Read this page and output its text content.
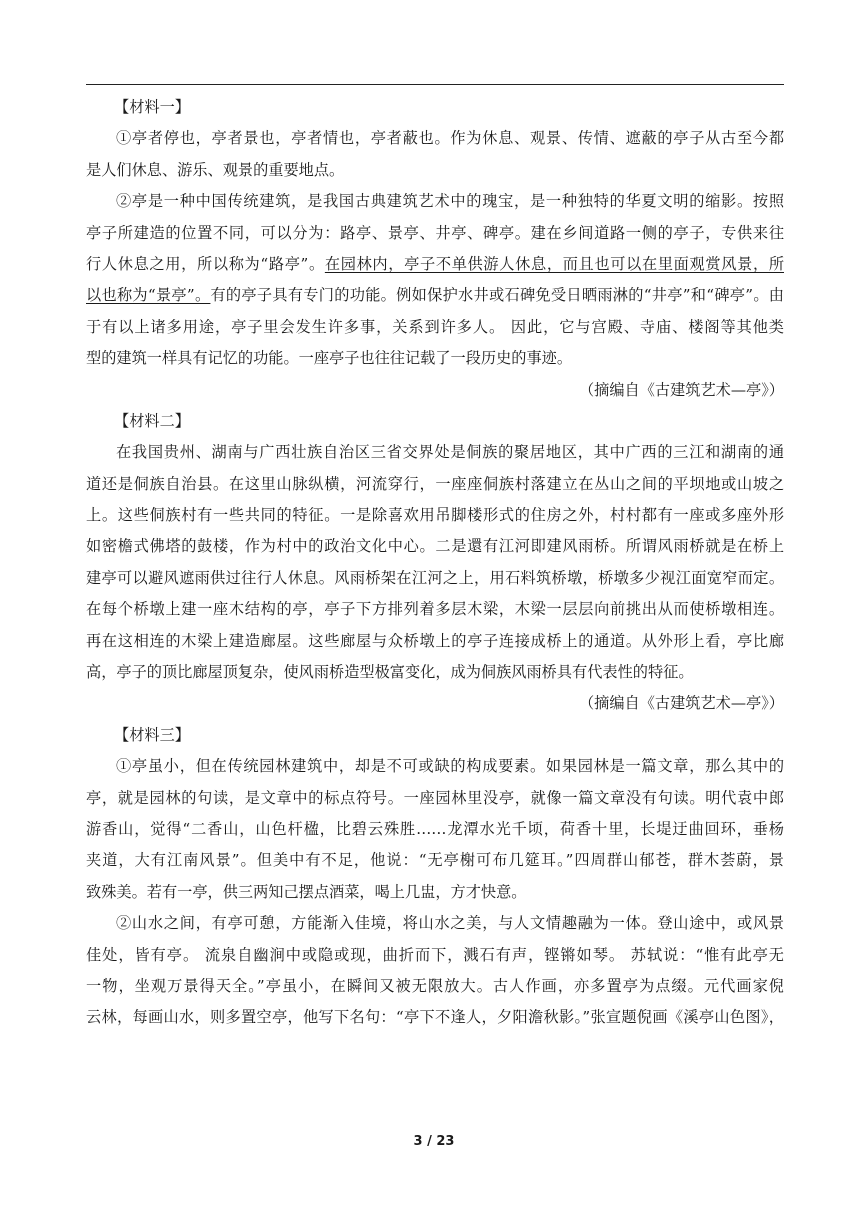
【材料一】
①亭者停也，亭者景也，亭者情也，亭者蔽也。作为休息、观景、传情、遮蔽的亭子从古至今都
是人们休息、游乐、观景的重要地点。
②亭是一种中国传统建筑，是我国古典建筑艺术中的瑰宝，是一种独特的华夏文明的缩影。按照
亭子所建造的位置不同，可以分为：路亭、景亭、井亭、碑亭。建在乡间道路一侧的亭子，专供来往
行人休息之用，所以称为“路亭”。在园林内，亭子不单供游人休息，而且也可以在里面观赏风景，所
以也称为“景亭”。有的亭子具有专门的功能。例如保护水井或石碑免受日晒雨淋的“井亭”和“碑亭”。由
于有以上诸多用途，亭子里会发生许多事，关系到许多人。 因此，它与宫殿、寺庙、楼阁等其他类
型的建筑一样具有记忆的功能。一座亭子也往往记载了一段历史的事迹。
（摘编自《古建筑艺术—亭》）
【材料二】
在我国贵州、湖南与广西壮族自治区三省交界处是侗族的聚居地区，其中广西的三江和湖南的通
道还是侗族自治县。在这里山脉纵横，河流穿行，一座座侗族村落建立在丛山之间的平坝地或山坡之
上。这些侗族村有一些共同的特征。一是除喜欢用吊脚楼形式的住房之外，村村都有一座或多座外形
如密檐式佛塔的鼓楼，作为村中的政治文化中心。二是還有江河即建风雨桥。所谓风雨桥就是在桥上
建亭可以避风遮雨供过往行人休息。风雨桥架在江河之上，用石料筑桥墩，桥墩多少视江面宽窄而定。
在每个桥墩上建一座木结构的亭，亭子下方排列着多层木梁，木梁一层层向前挑出从而使桥墩相连。
再在这相连的木梁上建造廊屋。这些廊屋与众桥墩上的亭子连接成桥上的通道。从外形上看，亭比廊
高，亭子的顶比廊屋顶复杂，使风雨桥造型极富变化，成为侗族风雨桥具有代表性的特征。
（摘编自《古建筑艺术—亭》）
【材料三】
①亭虽小，但在传统园林建筑中，却是不可或缺的构成要素。如果园林是一篇文章，那么其中的
亭，就是园林的句读，是文章中的标点符号。一座园林里没亭，就像一篇文章没有句读。明代袁中郎
游香山，觉得“二香山，山色杆楹，比碧云殊胜……龙潭水光千顷，荷香十里，长堤迂曲回环，垂杨
夹道，大有江南风景”。但美中有不足，他说：“无亭榭可布几筵耳。”四周群山郁苍，群木荟蔚，景
致殊美。若有一亭，供三两知己摆点酒菜，喝上几盅，方才快意。
②山水之间，有亭可憩，方能渐入佳境，将山水之美，与人文情趣融为一体。登山途中，或风景
佳处，皆有亭。 流泉自幽涧中或隐或现，曲折而下，溅石有声，铿锵如琴。 苏轼说：“惟有此亭无
一物，坐观万景得天全。”亭虽小，在瞬间又被无限放大。古人作画，亦多置亭为点缀。元代画家倪
云林，每画山水，则多置空亭，他写下名句：“亭下不逢人，夕阳澹秋影。”张宣题倪画《溪亭山色图》，
3 / 23
